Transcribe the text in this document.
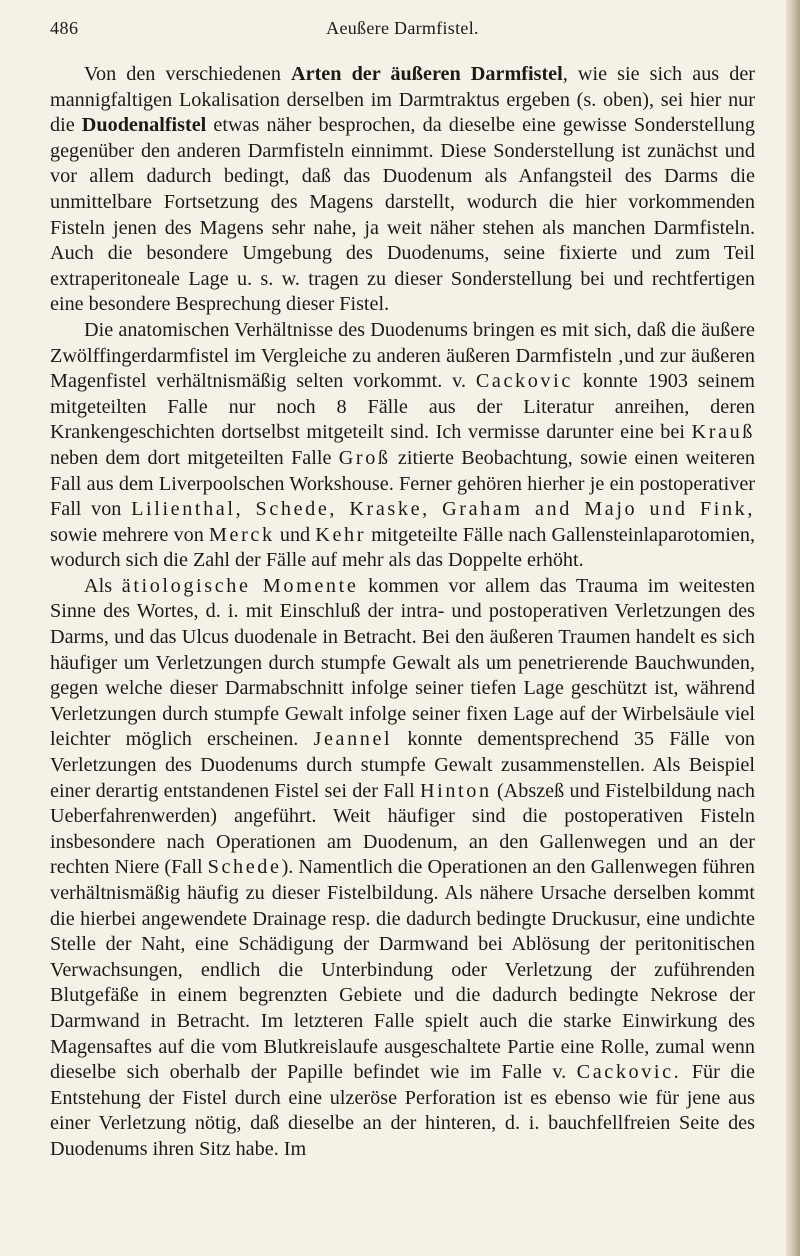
486	Aeußere Darmfistel.

Von den verschiedenen Arten der äußeren Darmfistel, wie sie sich aus der mannigfaltigen Lokalisation derselben im Darmtraktus ergeben (s. oben), sei hier nur die Duodenalfistel etwas näher besprochen, da dieselbe eine gewisse Sonderstellung gegenüber den anderen Darmfisteln einnimmt. Diese Sonderstellung ist zunächst und vor allem dadurch bedingt, daß das Duodenum als Anfangsteil des Darms die unmittelbare Fortsetzung des Magens darstellt, wodurch die hier vorkommenden Fisteln jenen des Magens sehr nahe, ja weit näher stehen als manchen Darmfisteln. Auch die besondere Umgebung des Duodenums, seine fixierte und zum Teil extraperitoneale Lage u. s. w. tragen zu dieser Sonderstellung bei und rechtfertigen eine besondere Besprechung dieser Fistel.

Die anatomischen Verhältnisse des Duodenums bringen es mit sich, daß die äußere Zwölffingerdarmfistel im Vergleiche zu anderen äußeren Darmfisteln ‚und zur äußeren Magenfistel verhältnismäßig selten vorkommt. v. Cackovic konnte 1903 seinem mitgeteilten Falle nur noch 8 Fälle aus der Literatur anreihen, deren Krankengeschichten dortselbst mitgeteilt sind. Ich vermisse darunter eine bei Krauß neben dem dort mitgeteilten Falle Groß zitierte Beobachtung, sowie einen weiteren Fall aus dem Liverpoolschen Workshouse. Ferner gehören hierher je ein postoperativer Fall von Lilienthal, Schede, Kraske, Graham and Majo und Fink, sowie mehrere von Merck und Kehr mitgeteilte Fälle nach Gallensteinlaparotomien, wodurch sich die Zahl der Fälle auf mehr als das Doppelte erhöht.

Als ätiologische Momente kommen vor allem das Trauma im weitesten Sinne des Wortes, d. i. mit Einschluß der intra- und postoperativen Verletzungen des Darms, und das Ulcus duodenale in Betracht. Bei den äußeren Traumen handelt es sich häufiger um Verletzungen durch stumpfe Gewalt als um penetrierende Bauchwunden, gegen welche dieser Darmabschnitt infolge seiner tiefen Lage geschützt ist, während Verletzungen durch stumpfe Gewalt infolge seiner fixen Lage auf der Wirbelsäule viel leichter möglich erscheinen. Jeannel konnte dementsprechend 35 Fälle von Verletzungen des Duodenums durch stumpfe Gewalt zusammenstellen. Als Beispiel einer derartig entstandenen Fistel sei der Fall Hinton (Abszeß und Fistelbildung nach Ueberfahrenwerden) angeführt. Weit häufiger sind die postoperativen Fisteln insbesondere nach Operationen am Duodenum, an den Gallenwegen und an der rechten Niere (Fall Schede). Namentlich die Operationen an den Gallenwegen führen verhältnismäßig häufig zu dieser Fistelbildung. Als nähere Ursache derselben kommt die hierbei angewendete Drainage resp. die dadurch bedingte Druckusur, eine undichte Stelle der Naht, eine Schädigung der Darmwand bei Ablösung der peritonitischen Verwachsungen, endlich die Unterbindung oder Verletzung der zuführenden Blutgefäße in einem begrenzten Gebiete und die dadurch bedingte Nekrose der Darmwand in Betracht. Im letzteren Falle spielt auch die starke Einwirkung des Magensaftes auf die vom Blutkreislaufe ausgeschaltete Partie eine Rolle, zumal wenn dieselbe sich oberhalb der Papille befindet wie im Falle v. Cackovic. Für die Entstehung der Fistel durch eine ulzeröse Perforation ist es ebenso wie für jene aus einer Verletzung nötig, daß dieselbe an der hinteren, d. i. bauchfellfreien Seite des Duodenums ihren Sitz habe. Im
